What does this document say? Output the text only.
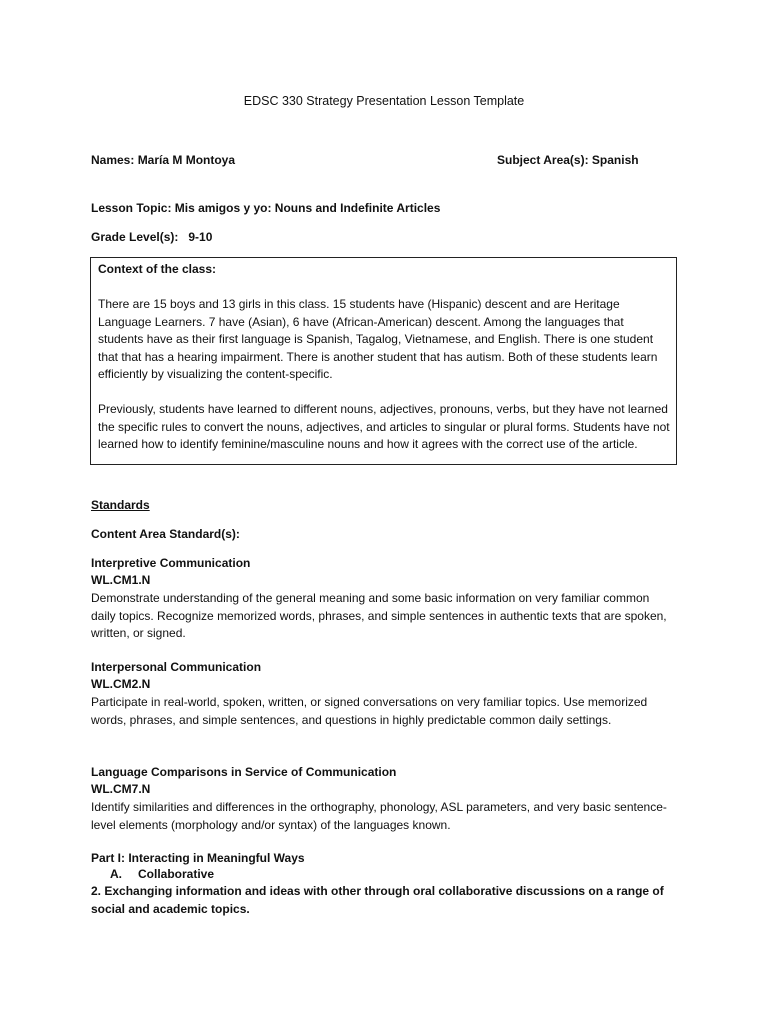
EDSC 330 Strategy Presentation Lesson Template

Names: María M Montoya	Subject Area(s): Spanish

Lesson Topic: Mis amigos y yo: Nouns and Indefinite Articles

Grade Level(s):   9-10

Context of the class:

There are 15 boys and 13 girls in this class. 15 students have (Hispanic) descent and are Heritage Language Learners. 7 have (Asian), 6 have (African-American) descent. Among the languages that students have as their first language is Spanish, Tagalog, Vietnamese, and English. There is one student that that has a hearing impairment. There is another student that has autism. Both of these students learn efficiently by visualizing the content-specific.

Previously, students have learned to different nouns, adjectives, pronouns, verbs, but they have not learned the specific rules to convert the nouns, adjectives, and articles to singular or plural forms. Students have not learned how to identify feminine/masculine nouns and how it agrees with the correct use of the article.

Standards

Content Area Standard(s):

Interpretive Communication

WL.CM1.N

Demonstrate understanding of the general meaning and some basic information on very familiar common daily topics. Recognize memorized words, phrases, and simple sentences in authentic texts that are spoken, written, or signed.

Interpersonal Communication

WL.CM2.N

Participate in real-world, spoken, written, or signed conversations on very familiar topics. Use memorized words, phrases, and simple sentences, and questions in highly predictable common daily settings.

Language Comparisons in Service of Communication

WL.CM7.N

Identify similarities and differences in the orthography, phonology, ASL parameters, and very basic sentence-level elements (morphology and/or syntax) of the languages known.

Part I: Interacting in Meaningful Ways

A. Collaborative

2. Exchanging information and ideas with other through oral collaborative discussions on a range of social and academic topics.
